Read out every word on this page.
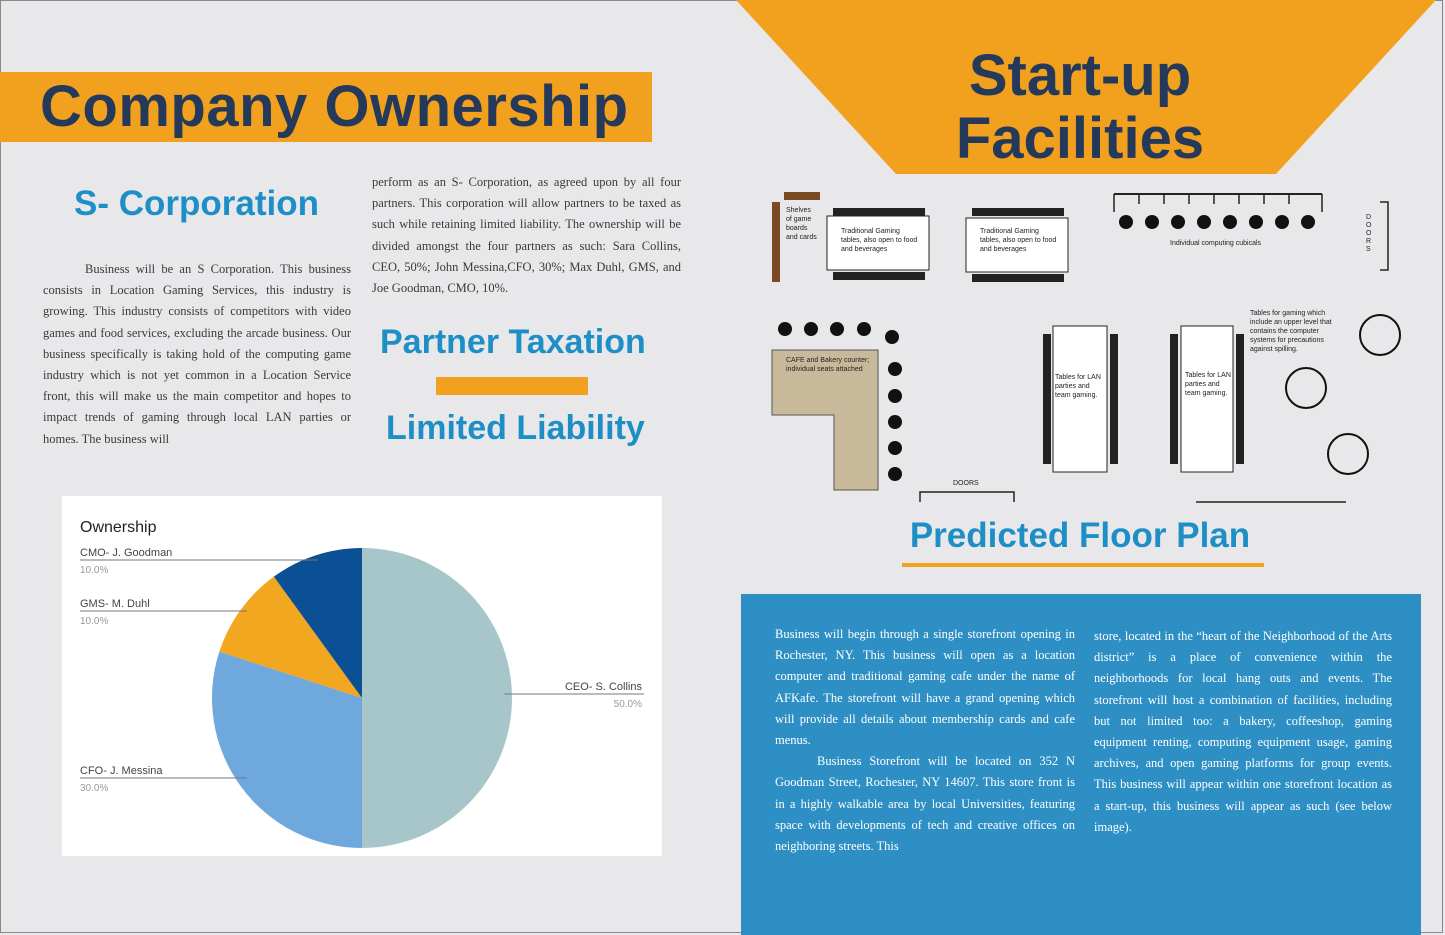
Company Ownership
S- Corporation
Business will be an S Corporation. This business consists in Location Gaming Services, this industry is growing. This industry consists of competitors with video games and food services, excluding the arcade business. Our business specifically is taking hold of the computing game industry which is not yet common in a Location Service front, this will make us the main competitor and hopes to impact trends of gaming through local LAN parties or homes. The business will
perform as an S- Corporation, as agreed upon by all four partners. This corporation will allow partners to be taxed as such while retaining limited liability. The ownership will be divided amongst the four partners as such: Sara Collins, CEO, 50%; John Messina,CFO, 30%; Max Duhl, GMS, and Joe Goodman, CMO, 10%.
Partner Taxation
Limited Liability
Ownership
CEO- S. Collins
50.0%
CFO- J. Messina
30.0%
GMS- M. Duhl
10.0%
CMO- J. Goodman
10.0%
Start-up
Facilities
Shelves of game boards and cards
Traditional Gaming tables, also open to food and beverages
Traditional Gaming tables, also open to food and beverages
Individual computing cubicals
DOORS
CAFE and Bakery counter; individual seats attached
Tables for LAN parties and team gaming.
Tables for LAN parties and team gaming.
Tables for gaming which include an upper level that contains the computer systems for precautions against spilling.
DOORS
Predicted Floor Plan
Business will begin through a single storefront opening in Rochester, NY. This business will open as a location computer and traditional gaming cafe under the name of AFKafe. The storefront will have a grand opening which will provide all details about membership cards and cafe menus.
Business Storefront will be located on 352 N Goodman Street, Rochester, NY 14607. This store front is in a highly walkable area by local Universities, featuring space with developments of tech and creative offices on neighboring streets. This
store, located in the “heart of the Neighborhood of the Arts district” is a place of convenience within the neighborhoods for local hang outs and events. The storefront will host a combination of facilities, including but not limited too: a bakery, coffeeshop, gaming equipment renting, computing equipment usage, gaming archives, and open gaming platforms for group events. This business will appear within one storefront location as a start-up, this business will appear as such (see below image).
